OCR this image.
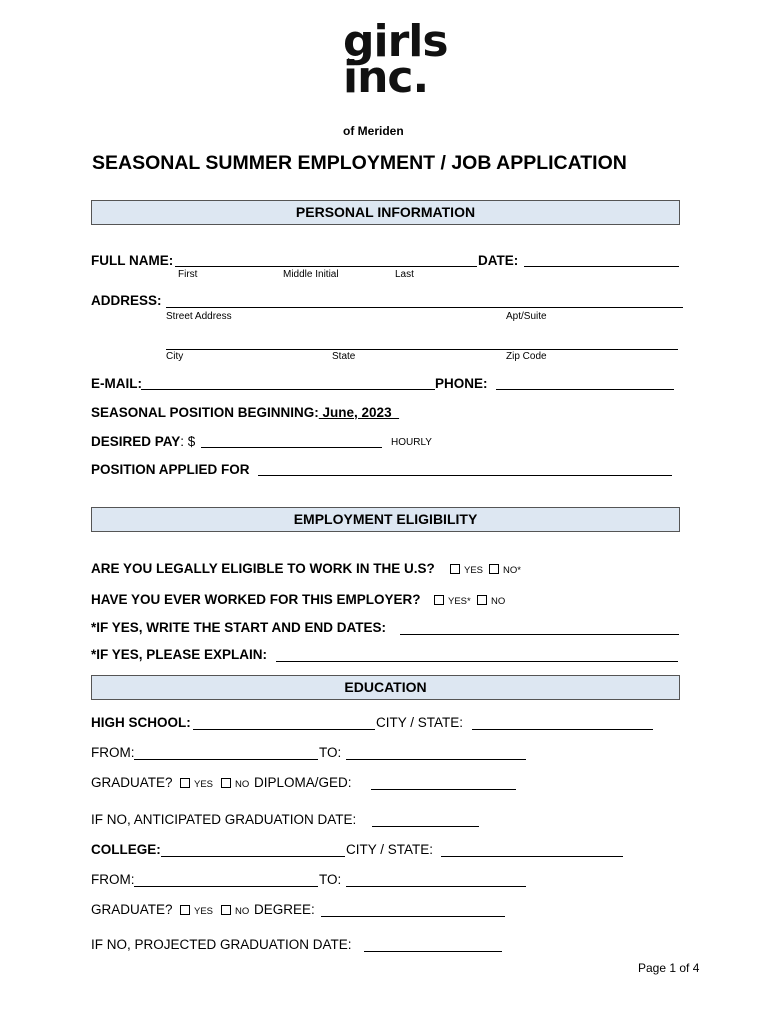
girls
inc.
of Meriden
SEASONAL SUMMER EMPLOYMENT / JOB APPLICATION
PERSONAL INFORMATION
FULL NAME:	DATE:
First	Middle Initial	Last
ADDRESS:
Street Address	Apt/Suite
City	State	Zip Code
E-MAIL:	PHONE:
SEASONAL POSITION BEGINNING: June, 2023
DESIRED PAY: $	HOURLY
POSITION APPLIED FOR
EMPLOYMENT ELIGIBILITY
ARE YOU LEGALLY ELIGIBLE TO WORK IN THE U.S?	YES NO*
HAVE YOU EVER WORKED FOR THIS EMPLOYER?	YES* NO
*IF YES, WRITE THE START AND END DATES:
*IF YES, PLEASE EXPLAIN:
EDUCATION
HIGH SCHOOL:	CITY / STATE:
FROM:	TO:
GRADUATE? YES NO DIPLOMA/GED:
IF NO, ANTICIPATED GRADUATION DATE:
COLLEGE:	CITY / STATE:
FROM:	TO:
GRADUATE? YES NO DEGREE:
IF NO, PROJECTED GRADUATION DATE:
Page 1 of 4
